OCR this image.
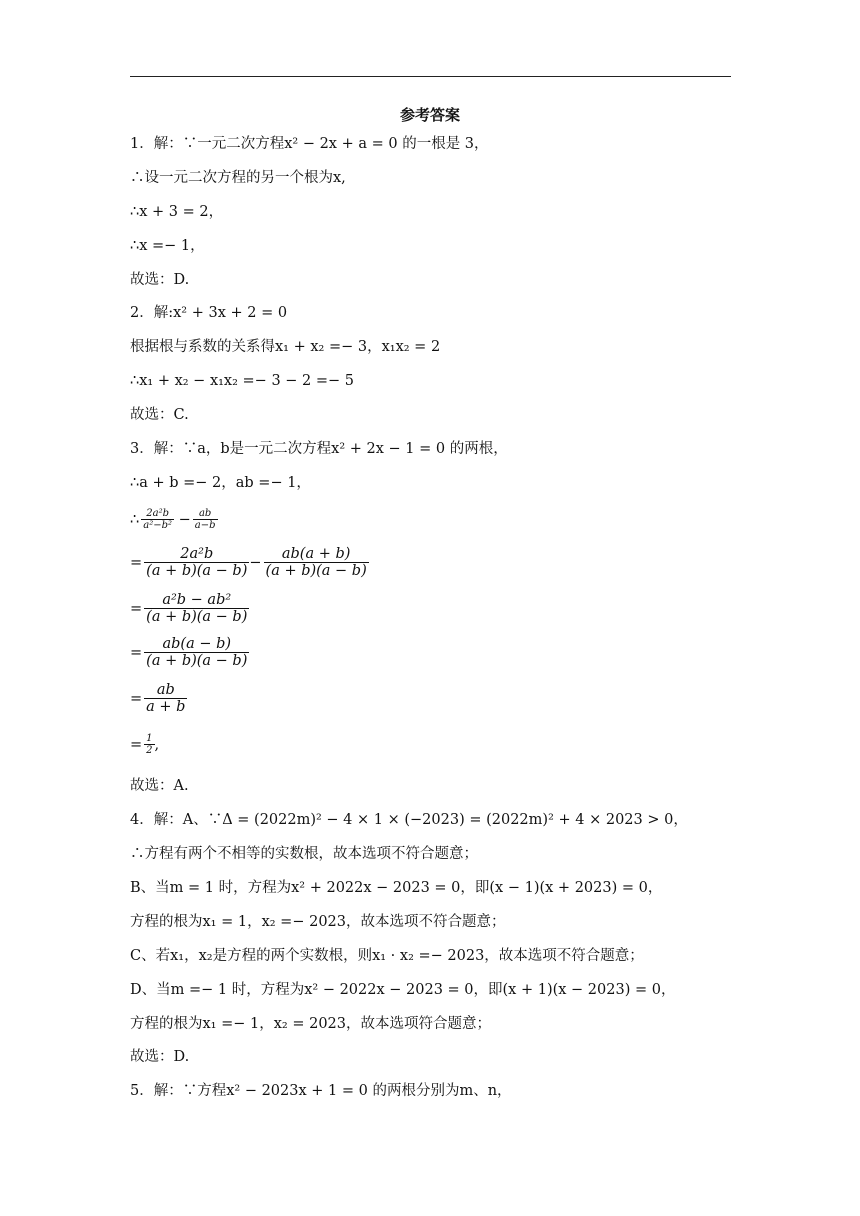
参考答案
1．解：∵一元二次方程x² − 2x + a = 0 的一根是 3，
∴设一元二次方程的另一个根为x,
∴x + 3 = 2，
∴x =− 1，
故选：D.
2．解:x² + 3x + 2 = 0
根据根与系数的关系得x₁ + x₂ =− 3，x₁x₂ = 2
∴x₁ + x₂ − x₁x₂ =− 3 − 2 =− 5
故选：C.
3．解：∵a，b是一元二次方程x² + 2x − 1 = 0 的两根，
∴a + b =− 2，ab =− 1，
∴ 2a²b
a²−b² − ab
a−b
=2a²b
(a + b)(a − b)−ab(a + b)
(a + b)(a − b)
=a²b − ab²
(a + b)(a − b)
=ab(a − b)
(a + b)(a − b)
=ab
a + b
= 1
2 ,
故选：A.
4．解：A、∵Δ = (2022m)² − 4 × 1 × (−2023) = (2022m)² + 4 × 2023 > 0，
∴方程有两个不相等的实数根，故本选项不符合题意；
B、当m = 1 时，方程为x² + 2022x − 2023 = 0，即(x − 1)(x + 2023) = 0，
方程的根为x₁ = 1，x₂ =− 2023，故本选项不符合题意；
C、若x₁，x₂是方程的两个实数根，则x₁ · x₂ =− 2023，故本选项不符合题意；
D、当m =− 1 时，方程为x² − 2022x − 2023 = 0，即(x + 1)(x − 2023) = 0，
方程的根为x₁ =− 1，x₂ = 2023，故本选项符合题意；
故选：D.
5．解：∵方程x² − 2023x + 1 = 0 的两根分别为m、n，
